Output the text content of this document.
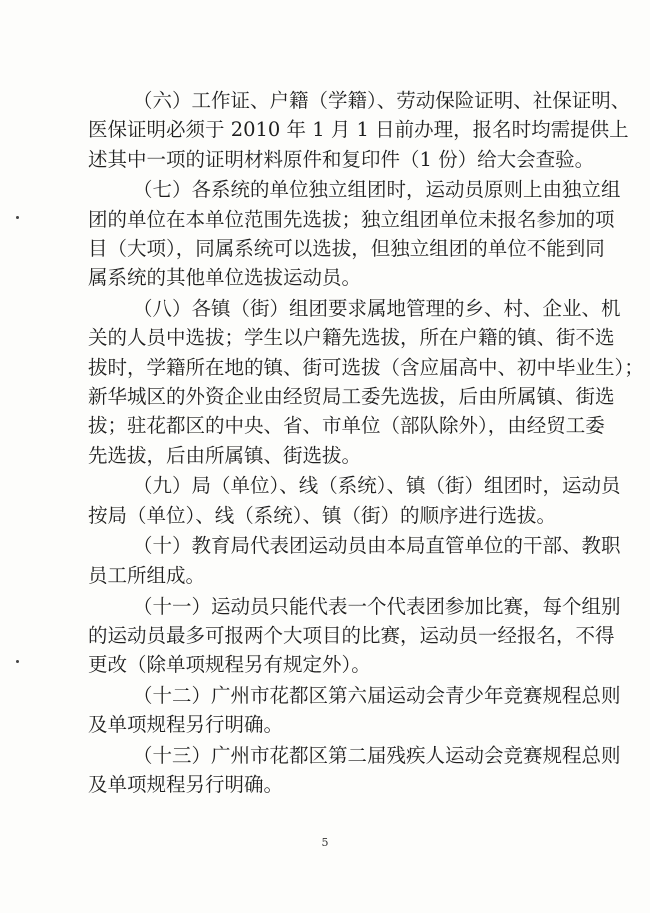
（六）工作证、户籍（学籍）、劳动保险证明、社保证明、
医保证明必须于 2010 年 1 月 1 日前办理，报名时均需提供上
述其中一项的证明材料原件和复印件（1 份）给大会查验。
（七）各系统的单位独立组团时，运动员原则上由独立组
团的单位在本单位范围先选拔；独立组团单位未报名参加的项
目（大项），同属系统可以选拔，但独立组团的单位不能到同
属系统的其他单位选拔运动员。
（八）各镇（街）组团要求属地管理的乡、村、企业、机
关的人员中选拔；学生以户籍先选拔，所在户籍的镇、街不选
拔时，学籍所在地的镇、街可选拔（含应届高中、初中毕业生）；
新华城区的外资企业由经贸局工委先选拔，后由所属镇、街选
拔；驻花都区的中央、省、市单位（部队除外），由经贸工委
先选拔，后由所属镇、街选拔。
（九）局（单位）、线（系统）、镇（街）组团时，运动员
按局（单位）、线（系统）、镇（街）的顺序进行选拔。
（十）教育局代表团运动员由本局直管单位的干部、教职
员工所组成。
（十一）运动员只能代表一个代表团参加比赛，每个组别
的运动员最多可报两个大项目的比赛，运动员一经报名，不得
更改（除单项规程另有规定外）。
（十二）广州市花都区第六届运动会青少年竞赛规程总则
及单项规程另行明确。
（十三）广州市花都区第二届残疾人运动会竞赛规程总则
及单项规程另行明确。
5
